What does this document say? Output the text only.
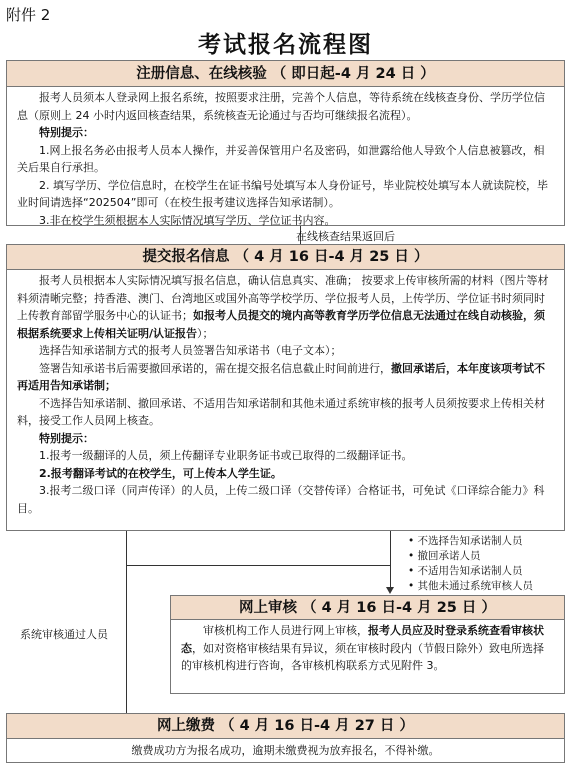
附件 2
考试报名流程图
注册信息、在线核验 （ 即日起-4 月 24 日 ）

报考人员须本人登录网上报名系统，按照要求注册，完善个人信息，等待系统在线核查身份、学历学位信息（原则上 24 小时内返回核查结果，系统核查无论通过与否均可继续报名流程）。

特别提示：

1.网上报名务必由报考人员本人操作，并妥善保管用户名及密码，如泄露给他人导致个人信息被篡改，相关后果自行承担。

2. 填写学历、学位信息时，在校学生在证书编号处填写本人身份证号，毕业院校处填写本人就读院校，毕业时间请选择“202504”即可（在校生报考建议选择告知承诺制）。

3.非在校学生须根据本人实际情况填写学历、学位证书内容。

在线核查结果返回后
提交报名信息 （ 4 月 16 日-4 月 25 日 ）

报考人员根据本人实际情况填写报名信息，确认信息真实、准确； 按要求上传审核所需的材料（图片等材料须清晰完整；持香港、澳门、台湾地区或国外高等学校学历、学位报考人员，上传学历、学位证书时须同时上传教育部留学服务中心的认证书；如报考人员提交的境内高等教育学历学位信息无法通过在线自动核验，须根据系统要求上传相关证明/认证报告）；

选择告知承诺制方式的报考人员签署告知承诺书（电子文本）；

签署告知承诺书后需要撤回承诺的，需在提交报名信息截止时间前进行，撤回承诺后，本年度该项考试不再适用告知承诺制；

不选择告知承诺制、撤回承诺、不适用告知承诺制和其他未通过系统审核的报考人员须按要求上传相关材料，接受工作人员网上核查。

特别提示：

1.报考一级翻译的人员，须上传翻译专业职务证书或已取得的二级翻译证书。

2.报考翻译考试的在校学生，可上传本人学生证。

3.报考二级口译（同声传译）的人员，上传二级口译（交替传译）合格证书，可免试《口译综合能力》科目。

• 不选择告知承诺制人员
• 撤回承诺人员
• 不适用告知承诺制人员
• 其他未通过系统审核人员
系统审核通过人员
网上审核 （ 4 月 16 日-4 月 25 日 ）

审核机构工作人员进行网上审核，报考人员应及时登录系统查看审核状态，如对资格审核结果有异议，须在审核时段内（节假日除外）致电所选择的审核机构进行咨询，各审核机构联系方式见附件 3。

网上缴费 （ 4 月 16 日-4 月 27 日 ）
缴费成功方为报名成功，逾期未缴费视为放弃报名，不得补缴。
